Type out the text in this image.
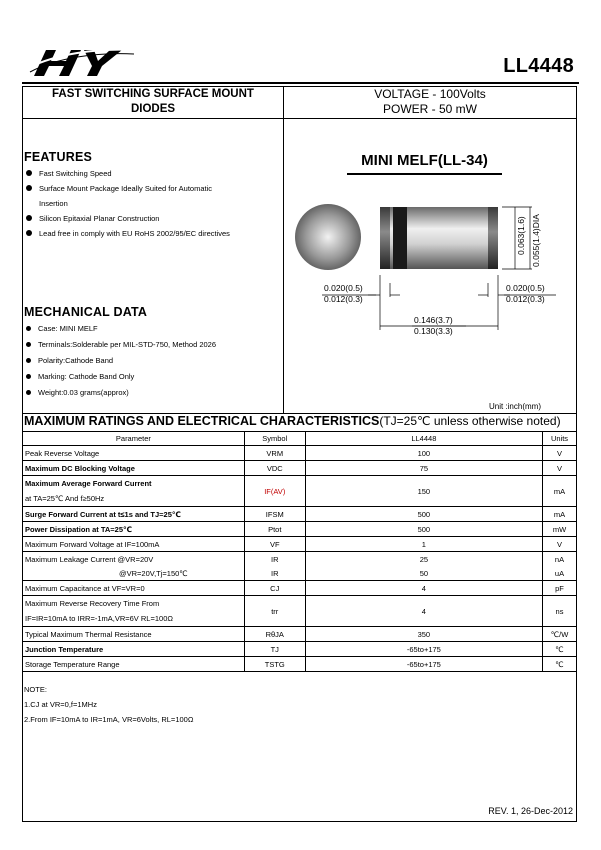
LL4448
FAST SWITCHING SURFACE MOUNT
DIODES
VOLTAGE - 100Volts
POWER - 50 mW
FEATURES
Fast Switching Speed
Surface Mount Package Ideally Suited for Automatic
Insertion
Silicon Epitaxial Planar Construction
Lead free in comply with EU RoHS 2002/95/EC directives
MECHANICAL DATA
Case: MINI MELF
Terminals:Solderable per MIL-STD-750, Method 2026
Polarity:Cathode Band
Marking: Cathode Band Only
Weight:0.03 grams(approx)
MINI MELF(LL-34)
0.063(1.6) 0.055(1.4)DIA
0.020(0.5)
0.012(0.3)
0.020(0.5)
0.012(0.3)
0.146(3.7)
0.130(3.3)
Unit :inch(mm)
MAXIMUM RATINGS AND ELECTRICAL CHARACTERISTICS(TJ=25℃ unless otherwise noted)
Parameter	Symbol	LL4448	Units
Peak Reverse Voltage	VRM	100	V
Maximum DC Blocking Voltage	VDC	75	V

Maximum Average Forward Current
at TA=25℃ And f≥50Hz	IF(AV)	150	mA
Surge Forward Current at t≤1s and TJ=25℃	IFSM	500	mA
Power Dissipation at TA=25℃	Ptot	500	mW
Maximum Forward Voltage at IF=100mA	VF	1	V
Maximum Leakage Current @VR=20V	IR	25	nA
@VR=20V,Tj=150℃	IR	50	uA
Maximum Capacitance at VF=VR=0	CJ	4	pF

Maximum Reverse Recovery Time From
IF=IR=10mA to IRR=-1mA,VR=6V RL=100Ω	trr	4	ns
Typical Maximum Thermal Resistance	RθJA	350	℃/W
Junction Temperature	TJ	-65to+175	℃
Storage Temperature Range	TSTG	-65to+175	℃
NOTE:
1.CJ at VR=0,f=1MHz
2.From IF=10mA to IR=1mA, VR=6Volts, RL=100Ω
REV. 1, 26-Dec-2012
